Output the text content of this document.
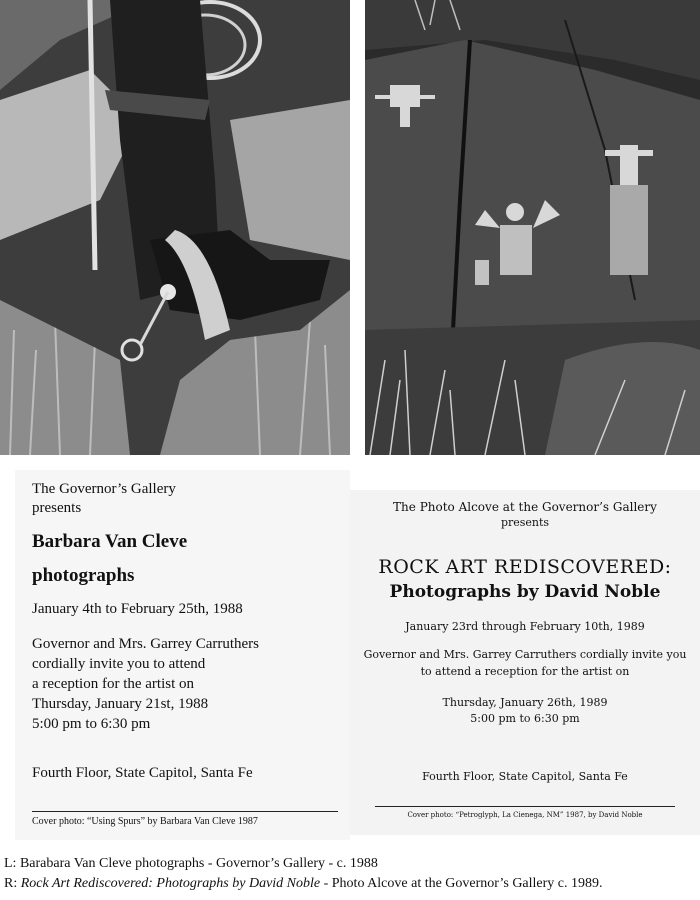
The Governor’s Gallery
presents
Barbara Van Cleve
photographs
January 4th to February 25th, 1988
Governor and Mrs. Garrey Carruthers
cordially invite you to attend
a reception for the artist on
Thursday, January 21st, 1988
5:00 pm to 6:30 pm
Fourth Floor, State Capitol, Santa Fe
Cover photo: “Using Spurs” by Barbara Van Cleve 1987
The Photo Alcove at the Governor’s Gallery
presents
ROCK ART REDISCOVERED:
Photographs by David Noble
January 23rd through February 10th, 1989
Governor and Mrs. Garrey Carruthers cordially invite you
to attend a reception for the artist on
Thursday, January 26th, 1989
5:00 pm to 6:30 pm
Fourth Floor, State Capitol, Santa Fe
Cover photo: “Petroglyph, La Cienega, NM” 1987, by David Noble
L: Barabara Van Cleve photographs - Governor’s Gallery - c. 1988
R: Rock Art Rediscovered: Photographs by David Noble - Photo Alcove at the Governor’s Gallery c. 1989.
